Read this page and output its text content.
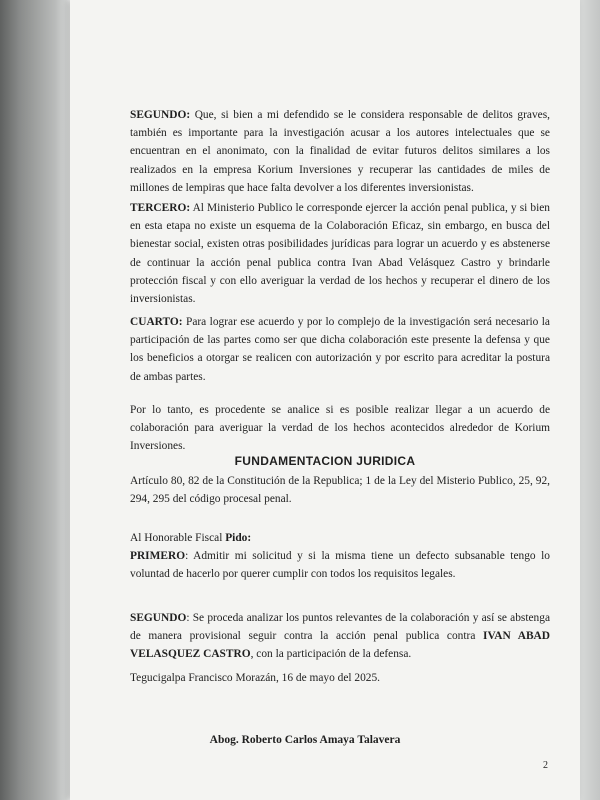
SEGUNDO: Que, si bien a mi defendido se le considera responsable de delitos graves, también es importante para la investigación acusar a los autores intelectuales que se encuentran en el anonimato, con la finalidad de evitar futuros delitos similares a los realizados en la empresa Korium Inversiones y recuperar las cantidades de miles de millones de lempiras que hace falta devolver a los diferentes inversionistas.

TERCERO: Al Ministerio Publico le corresponde ejercer la acción penal publica, y si bien en esta etapa no existe un esquema de la Colaboración Eficaz, sin embargo, en busca del bienestar social, existen otras posibilidades jurídicas para lograr un acuerdo y es abstenerse de continuar la acción penal publica contra Ivan Abad Velásquez Castro y brindarle protección fiscal y con ello averiguar la verdad de los hechos y recuperar el dinero de los inversionistas.

CUARTO: Para lograr ese acuerdo y por lo complejo de la investigación será necesario la participación de las partes como ser que dicha colaboración este presente la defensa y que los beneficios a otorgar se realicen con autorización y por escrito para acreditar la postura de ambas partes.

Por lo tanto, es procedente se analice si es posible realizar llegar a un acuerdo de colaboración para averiguar la verdad de los hechos acontecidos alrededor de Korium Inversiones.

FUNDAMENTACION JURIDICA

Artículo 80, 82 de la Constitución de la Republica; 1 de la Ley del Misterio Publico, 25, 92, 294, 295 del código procesal penal.

Al Honorable Fiscal Pido:

PRIMERO: Admitir mi solicitud y si la misma tiene un defecto subsanable tengo lo voluntad de hacerlo por querer cumplir con todos los requisitos legales.

SEGUNDO: Se proceda analizar los puntos relevantes de la colaboración y así se abstenga de manera provisional seguir contra la acción penal publica contra IVAN ABAD VELASQUEZ CASTRO, con la participación de la defensa.

Tegucigalpa Francisco Morazán, 16 de mayo del 2025.

Abog. Roberto Carlos Amaya Talavera
2
